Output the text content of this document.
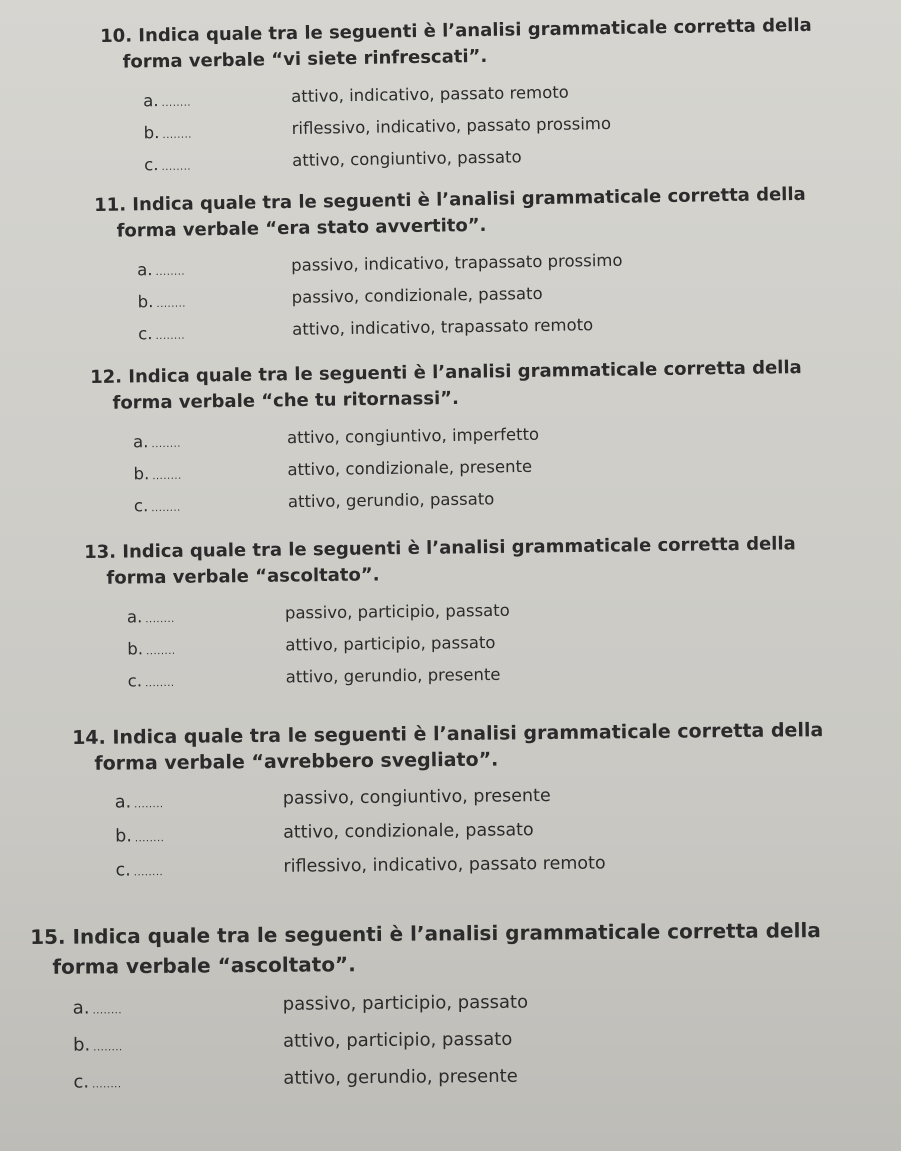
10. Indica quale tra le seguenti è l’analisi grammaticale corretta della
forma verbale “vi siete rinfrescati”.

a. ........	attivo, indicativo, passato remoto
b. ........	riflessivo, indicativo, passato prossimo
c. ........	attivo, congiuntivo, passato

11. Indica quale tra le seguenti è l’analisi grammaticale corretta della
forma verbale “era stato avvertito”.

a. ........	passivo, indicativo, trapassato prossimo
b. ........	passivo, condizionale, passato
c. ........	attivo, indicativo, trapassato remoto

12. Indica quale tra le seguenti è l’analisi grammaticale corretta della
forma verbale “che tu ritornassi”.

a. ........	attivo, congiuntivo, imperfetto
b. ........	attivo, condizionale, presente
c. ........	attivo, gerundio, passato

13. Indica quale tra le seguenti è l’analisi grammaticale corretta della
forma verbale “ascoltato”.

a. ........	passivo, participio, passato
b. ........	attivo, participio, passato
c. ........	attivo, gerundio, presente

14. Indica quale tra le seguenti è l’analisi grammaticale corretta della
forma verbale “avrebbero svegliato”.

a. ........	passivo, congiuntivo, presente
b. ........	attivo, condizionale, passato
c. ........	riflessivo, indicativo, passato remoto

15. Indica quale tra le seguenti è l’analisi grammaticale corretta della
forma verbale “ascoltato”.

a. ........	passivo, participio, passato
b. ........	attivo, participio, passato
c. ........	attivo, gerundio, presente
